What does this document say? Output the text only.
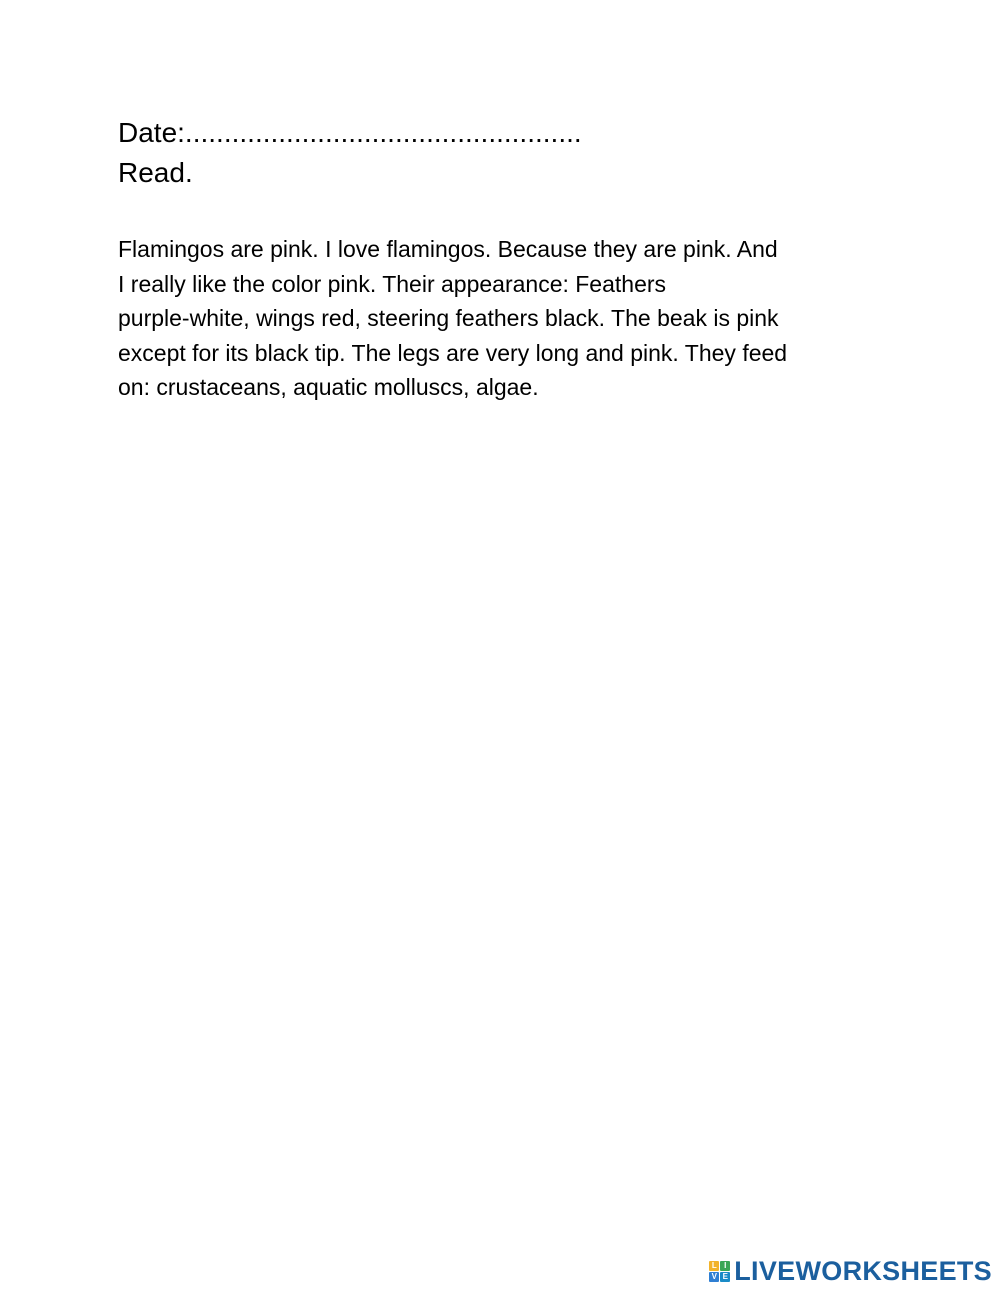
Date:...................................................
Read.
Flamingos are pink. I love flamingos. Because they are pink. And
I really like the color pink. Their appearance: Feathers
purple-white, wings red, steering feathers black. The beak is pink
except for its black tip. The legs are very long and pink. They feed
on: crustaceans, aquatic molluscs, algae.
L I
V E LIVEWORKSHEETS
